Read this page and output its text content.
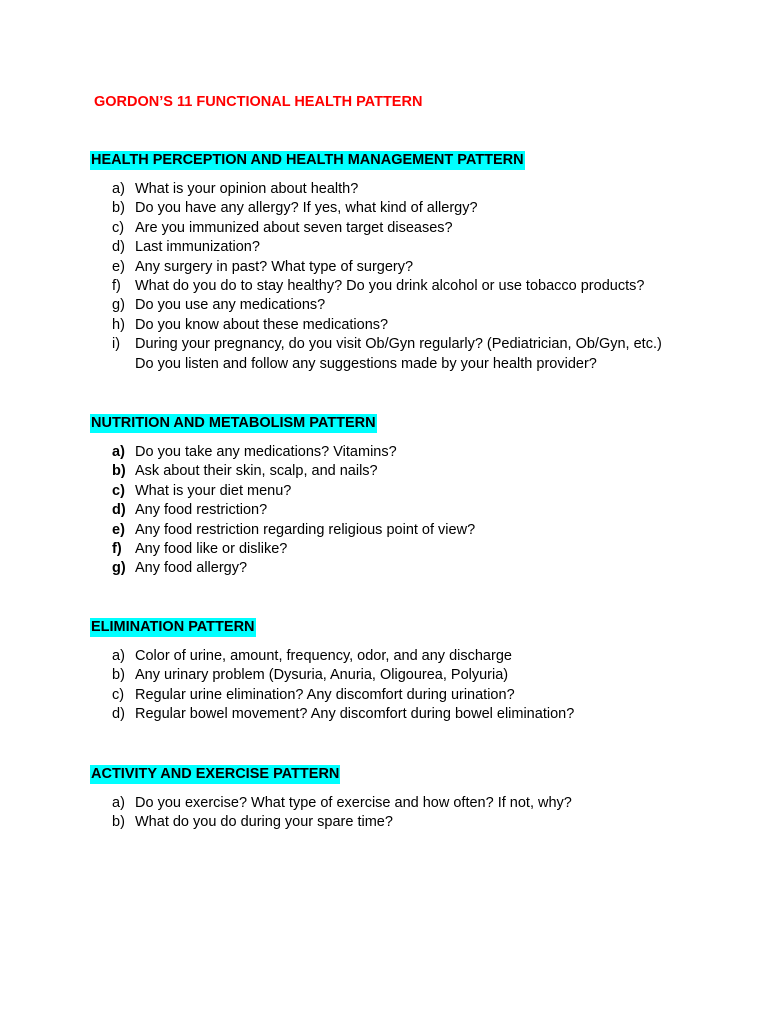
GORDON’S 11 FUNCTIONAL HEALTH PATTERN
HEALTH PERCEPTION AND HEALTH MANAGEMENT PATTERN
a) What is your opinion about health?
b) Do you have any allergy? If yes, what kind of allergy?
c) Are you immunized about seven target diseases?
d) Last immunization?
e) Any surgery in past? What type of surgery?
f) What do you do to stay healthy? Do you drink alcohol or use tobacco products?
g) Do you use any medications?
h) Do you know about these medications?
i) During your pregnancy, do you visit Ob/Gyn regularly? (Pediatrician, Ob/Gyn, etc.) Do you listen and follow any suggestions made by your health provider?
NUTRITION AND METABOLISM PATTERN
a) Do you take any medications? Vitamins?
b) Ask about their skin, scalp, and nails?
c) What is your diet menu?
d) Any food restriction?
e) Any food restriction regarding religious point of view?
f) Any food like or dislike?
g) Any food allergy?
ELIMINATION PATTERN
a) Color of urine, amount, frequency, odor, and any discharge
b) Any urinary problem (Dysuria, Anuria, Oligourea, Polyuria)
c) Regular urine elimination? Any discomfort during urination?
d) Regular bowel movement? Any discomfort during bowel elimination?
ACTIVITY AND EXERCISE PATTERN
a) Do you exercise? What type of exercise and how often? If not, why?
b) What do you do during your spare time?
